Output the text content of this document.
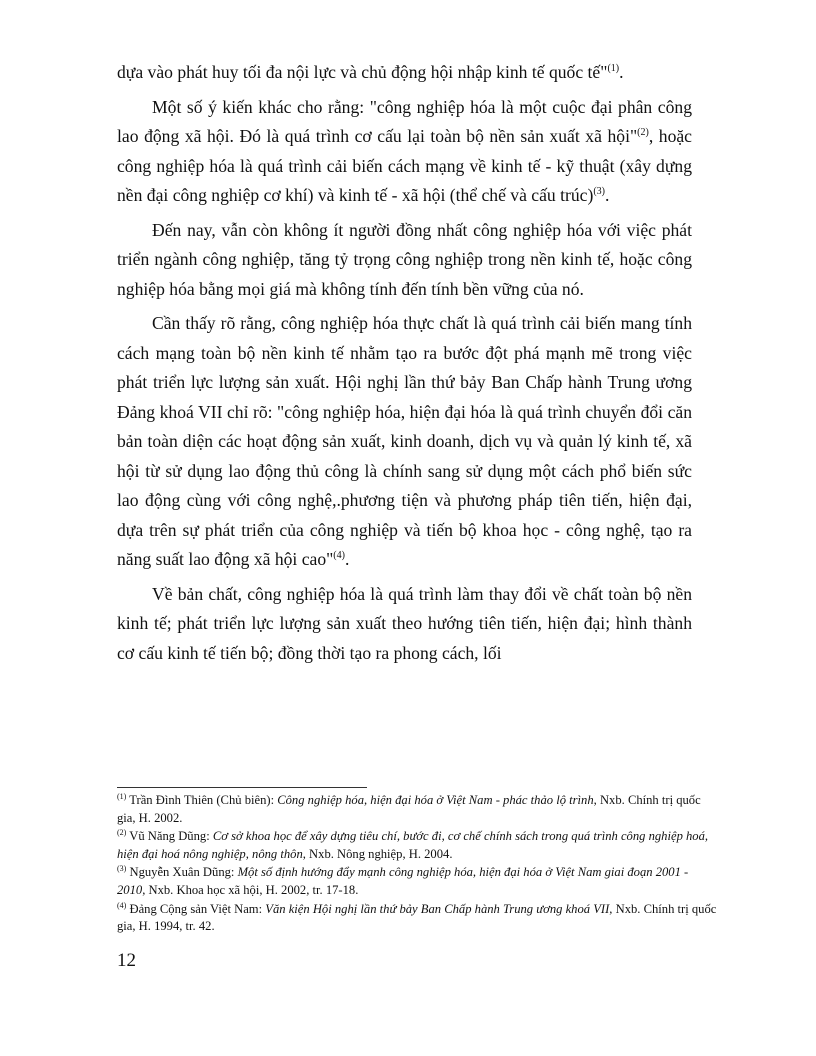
dựa vào phát huy tối đa nội lực và chủ động hội nhập kinh tế quốc tế"$^{(1)}$.

Một số ý kiến khác cho rằng: "công nghiệp hóa là một cuộc đại phân công lao động xã hội. Đó là quá trình cơ cấu lại toàn bộ nền sản xuất xã hội"$^{(2)}$, hoặc công nghiệp hóa là quá trình cải biến cách mạng về kinh tế - kỹ thuật (xây dựng nền đại công nghiệp cơ khí) và kinh tế - xã hội (thể chế và cấu trúc)$^{(3)}$.

Đến nay, vẫn còn không ít người đồng nhất công nghiệp hóa với việc phát triển ngành công nghiệp, tăng tỷ trọng công nghiệp trong nền kinh tế, hoặc công nghiệp hóa bằng mọi giá mà không tính đến tính bền vững của nó.

Cần thấy rõ rằng, công nghiệp hóa thực chất là quá trình cải biến mang tính cách mạng toàn bộ nền kinh tế nhằm tạo ra bước đột phá mạnh mẽ trong việc phát triển lực lượng sản xuất. Hội nghị lần thứ bảy Ban Chấp hành Trung ương Đảng khoá VII chỉ rõ: "công nghiệp hóa, hiện đại hóa là quá trình chuyển đổi căn bản toàn diện các hoạt động sản xuất, kinh doanh, dịch vụ và quản lý kinh tế, xã hội từ sử dụng lao động thủ công là chính sang sử dụng một cách phổ biến sức lao động cùng với công nghệ,.phương tiện và phương pháp tiên tiến, hiện đại, dựa trên sự phát triển của công nghiệp và tiến bộ khoa học - công nghệ, tạo ra năng suất lao động xã hội cao"$^{(4)}$.

Về bản chất, công nghiệp hóa là quá trình làm thay đổi về chất toàn bộ nền kinh tế; phát triển lực lượng sản xuất theo hướng tiên tiến, hiện đại; hình thành cơ cấu kinh tế tiến bộ; đồng thời tạo ra phong cách, lối

$^{(1)}$ Trần Đình Thiên (Chủ biên): Công nghiệp hóa, hiện đại hóa ở Việt Nam - phác thảo lộ trình, Nxb. Chính trị quốc gia, H. 2002.
$^{(2)}$ Vũ Năng Dũng: Cơ sở khoa học để xây dựng tiêu chí, bước đi, cơ chế chính sách trong quá trình công nghiệp hoá, hiện đại hoá nông nghiệp, nông thôn, Nxb. Nông nghiệp, H. 2004.
$^{(3)}$ Nguyễn Xuân Dũng: Một số định hướng đẩy mạnh công nghiệp hóa, hiện đại hóa ở Việt Nam giai đoạn 2001 - 2010, Nxb. Khoa học xã hội, H. 2002, tr. 17-18.
$^{(4)}$ Đảng Cộng sản Việt Nam: Văn kiện Hội nghị lần thứ bảy Ban Chấp hành Trung ương khoá VII, Nxb. Chính trị quốc gia, H. 1994, tr. 42.
12
